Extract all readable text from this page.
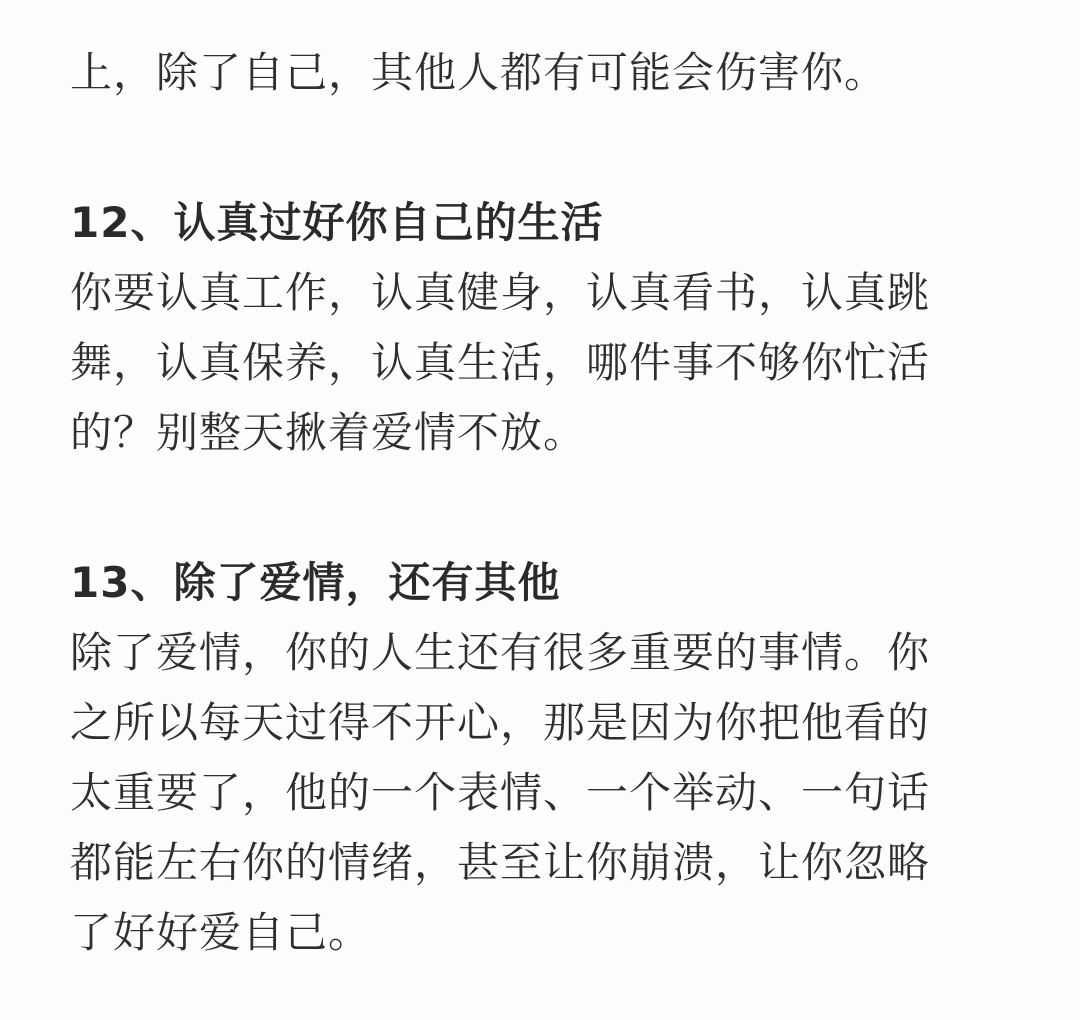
上，除了自己，其他人都有可能会伤害你。

12、认真过好你自己的生活

你要认真工作，认真健身，认真看书，认真跳
舞，认真保养，认真生活，哪件事不够你忙活
的？别整天揪着爱情不放。

13、除了爱情，还有其他

除了爱情，你的人生还有很多重要的事情。你
之所以每天过得不开心，那是因为你把他看的
太重要了，他的一个表情、一个举动、一句话
都能左右你的情绪，甚至让你崩溃，让你忽略
了好好爱自己。
